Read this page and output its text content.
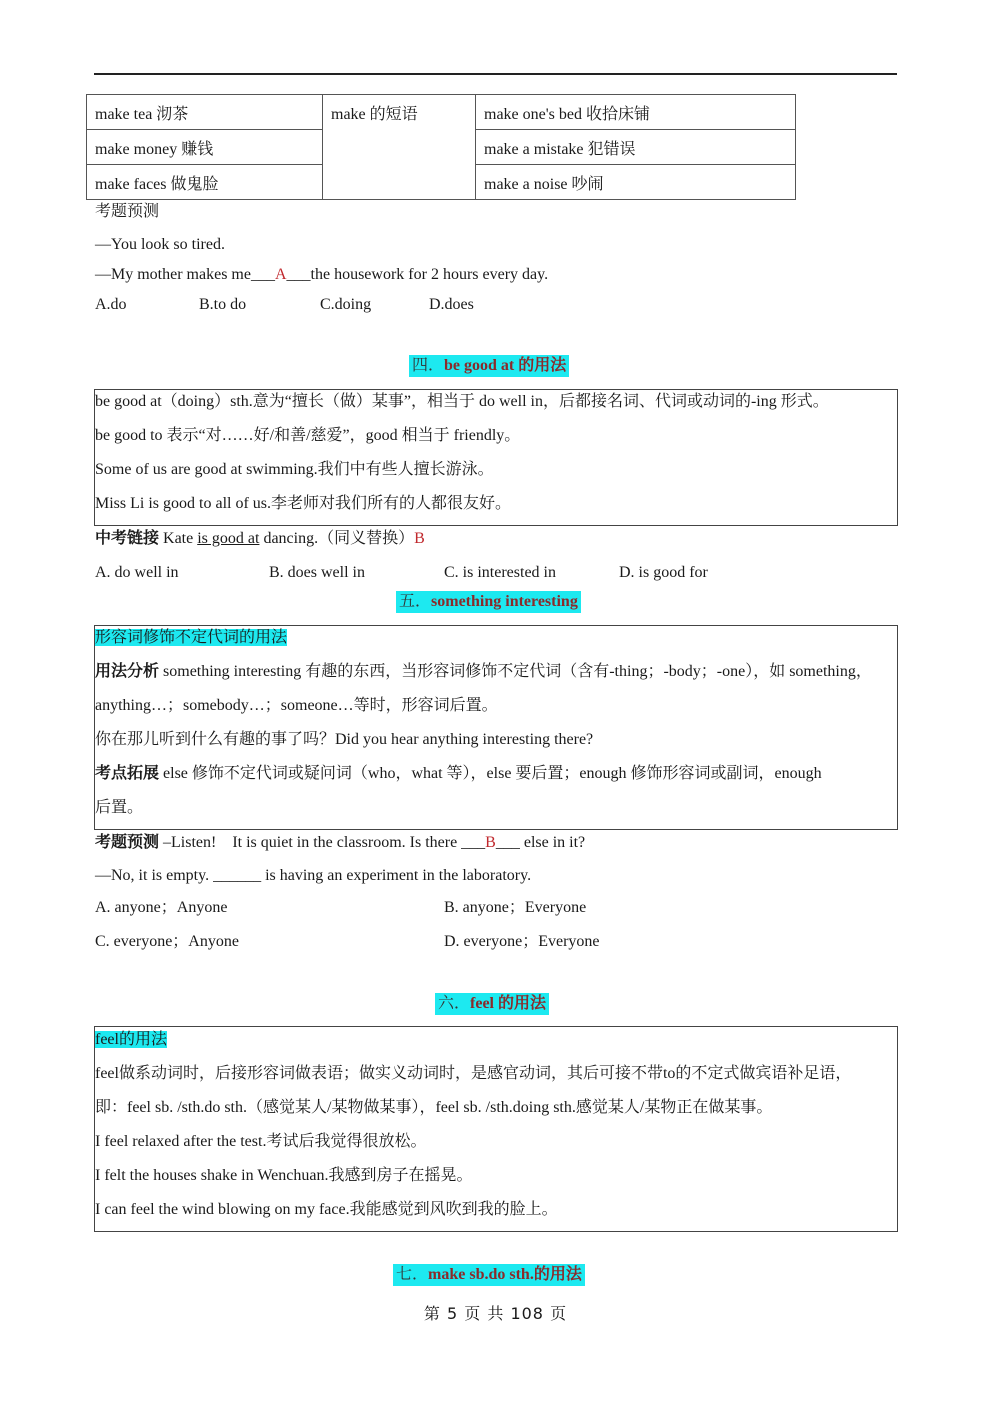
make tea 沏茶	make 的短语	make one's bed 收拾床铺
make money 赚钱		make a mistake 犯错误
make faces 做鬼脸		make a noise 吵闹
考题预测
—You look so tired.
—My mother makes me___A___the housework for 2 hours every day.
A.do	B.to do	C.doing	D.does
四．be good at 的用法
be good at（doing）sth.意为“擅长（做）某事”，相当于 do well in，后都接名词、代词或动词的-ing 形式。
be good to 表示“对……好/和善/慈爱”，good 相当于 friendly。
Some of us are good at swimming.我们中有些人擅长游泳。
Miss Li is good to all of us.李老师对我们所有的人都很友好。
中考链接 Kate is good at dancing.（同义替换）B
A. do well in	B. does well in	C. is interested in	D. is good for
五．something interesting
形容词修饰不定代词的用法
用法分析 something interesting 有趣的东西，当形容词修饰不定代词（含有-thing；-body；-one），如 something，
anything…；somebody…；someone…等时，形容词后置。
你在那儿听到什么有趣的事了吗？Did you hear anything interesting there?
考点拓展 else 修饰不定代词或疑问词（who，what 等），else 要后置；enough 修饰形容词或副词，enough
后置。
考题预测 –Listen!    It is quiet in the classroom. Is there ___B___ else in it?
—No, it is empty. ______ is having an experiment in the laboratory.
A. anyone；Anyone	B. anyone；Everyone
C. everyone；Anyone	D. everyone；Everyone
六．feel 的用法
feel的用法
feel做系动词时，后接形容词做表语；做实义动词时，是感官动词，其后可接不带to的不定式做宾语补足语，
即：feel sb. /sth.do sth.（感觉某人/某物做某事），feel sb. /sth.doing sth.感觉某人/某物正在做某事。
I feel relaxed after the test.考试后我觉得很放松。
I felt the houses shake in Wenchuan.我感到房子在摇晃。
I can feel the wind blowing on my face.我能感觉到风吹到我的脸上。
七．make sb.do sth.的用法
第 5 页 共 108 页
